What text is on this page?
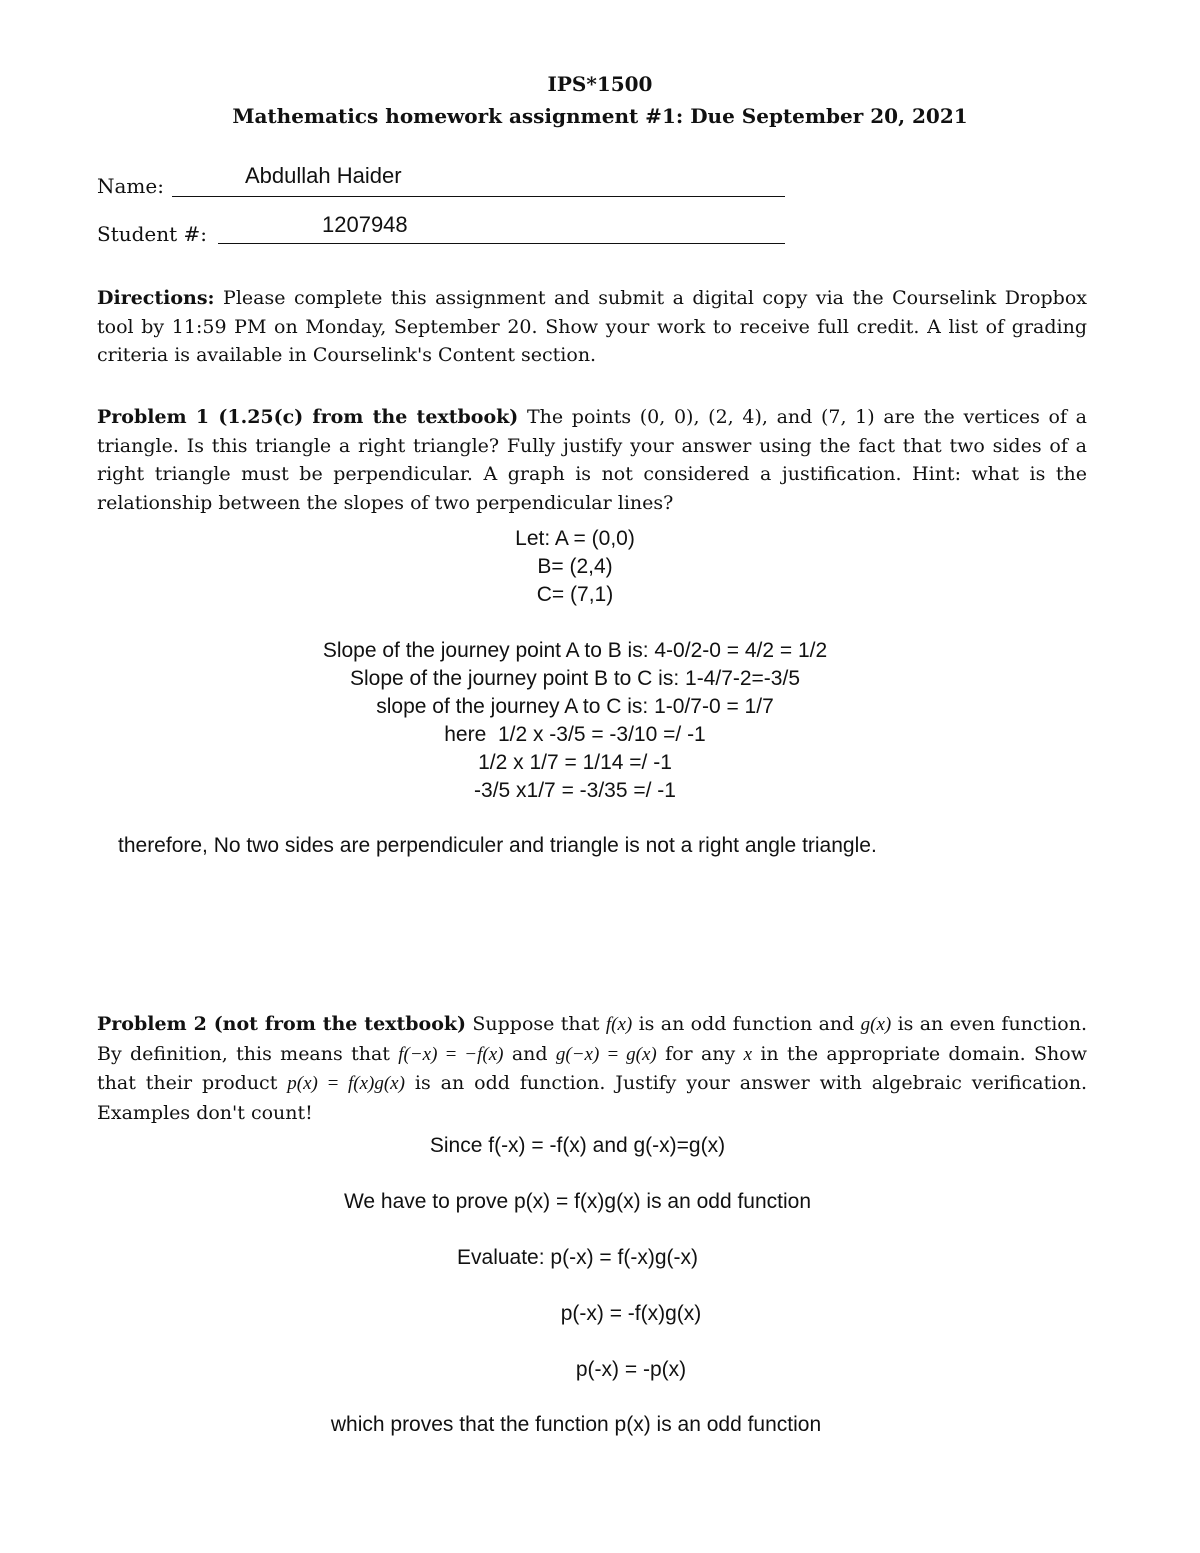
IPS*1500
Mathematics homework assignment #1: Due September 20, 2021
Name:	Abdullah Haider
Student #:	1207948
Directions: Please complete this assignment and submit a digital copy via the Courselink Dropbox tool by 11:59 PM on Monday, September 20. Show your work to receive full credit. A list of grading criteria is available in Courselink's Content section.
Problem 1 (1.25(c) from the textbook) The points (0, 0), (2, 4), and (7, 1) are the vertices of a triangle. Is this triangle a right triangle? Fully justify your answer using the fact that two sides of a right triangle must be perpendicular. A graph is not considered a justification. Hint: what is the relationship between the slopes of two perpendicular lines?
Let: A = (0,0)
B= (2,4)
C= (7,1)
Slope of the journey point A to B is: 4-0/2-0 = 4/2 = 1/2
Slope of the journey point B to C is: 1-4/7-2=-3/5
slope of the journey A to C is: 1-0/7-0 = 1/7
here  1/2 x -3/5 = -3/10 =/ -1
1/2 x 1/7 = 1/14 =/ -1
-3/5 x1/7 = -3/35 =/ -1
therefore, No two sides are perpendiculer and triangle is not a right angle triangle.
Problem 2 (not from the textbook) Suppose that f(x) is an odd function and g(x) is an even function. By definition, this means that f(−x) = −f(x) and g(−x) = g(x) for any x in the appropriate domain. Show that their product p(x) = f(x)g(x) is an odd function. Justify your answer with algebraic verification. Examples don't count!
Since f(-x) = -f(x) and g(-x)=g(x)
We have to prove p(x) = f(x)g(x) is an odd function
Evaluate: p(-x) = f(-x)g(-x)
p(-x) = -f(x)g(x)
p(-x) = -p(x)
which proves that the function p(x) is an odd function
